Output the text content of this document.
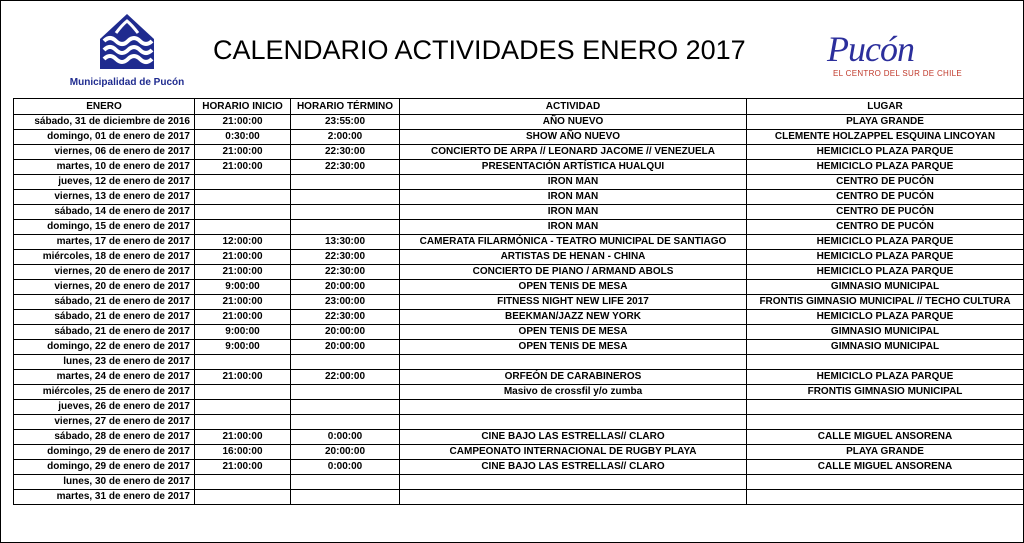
Municipalidad de Pucón
CALENDARIO ACTIVIDADES ENERO 2017	Pucón
EL CENTRO DEL SUR DE CHILE
ENERO	HORARIO INICIO	HORARIO TÉRMINO	ACTIVIDAD	LUGAR
sábado, 31 de diciembre de 2016	21:00:00	23:55:00	AÑO NUEVO	PLAYA GRANDE
domingo, 01 de enero de 2017	0:30:00	2:00:00	SHOW AÑO NUEVO	CLEMENTE HOLZAPPEL ESQUINA LINCOYAN
viernes, 06 de enero de 2017	21:00:00	22:30:00	CONCIERTO DE ARPA // LEONARD JACOME // VENEZUELA	HEMICICLO PLAZA PARQUE
martes, 10 de enero de 2017	21:00:00	22:30:00	PRESENTACIÓN ARTÍSTICA HUALQUI	HEMICICLO PLAZA PARQUE
jueves, 12 de enero de 2017			IRON MAN	CENTRO DE PUCÓN
viernes, 13 de enero de 2017			IRON MAN	CENTRO DE PUCÓN
sábado, 14 de enero de 2017			IRON MAN	CENTRO DE PUCÓN
domingo, 15 de enero de 2017			IRON MAN	CENTRO DE PUCÓN
martes, 17 de enero de 2017	12:00:00	13:30:00	CAMERATA FILARMÓNICA - TEATRO MUNICIPAL DE SANTIAGO	HEMICICLO PLAZA PARQUE
miércoles, 18 de enero de 2017	21:00:00	22:30:00	ARTISTAS DE HENAN - CHINA	HEMICICLO PLAZA PARQUE
viernes, 20 de enero de 2017	21:00:00	22:30:00	CONCIERTO DE PIANO / ARMAND ABOLS	HEMICICLO PLAZA PARQUE
viernes, 20 de enero de 2017	9:00:00	20:00:00	OPEN TENIS DE MESA	GIMNASIO MUNICIPAL
sábado, 21 de enero de 2017	21:00:00	23:00:00	FITNESS NIGHT NEW LIFE 2017	FRONTIS GIMNASIO MUNICIPAL // TECHO CULTURA
sábado, 21 de enero de 2017	21:00:00	22:30:00	BEEKMAN/JAZZ NEW YORK	HEMICICLO PLAZA PARQUE
sábado, 21 de enero de 2017	9:00:00	20:00:00	OPEN TENIS DE MESA	GIMNASIO MUNICIPAL
domingo, 22 de enero de 2017	9:00:00	20:00:00	OPEN TENIS DE MESA	GIMNASIO MUNICIPAL
lunes, 23 de enero de 2017				
martes, 24 de enero de 2017	21:00:00	22:00:00	ORFEÓN DE CARABINEROS	HEMICICLO PLAZA PARQUE
miércoles, 25 de enero de 2017			Masivo de crossfil y/o zumba	FRONTIS GIMNASIO MUNICIPAL
jueves, 26 de enero de 2017				
viernes, 27 de enero de 2017				
sábado, 28 de enero de 2017	21:00:00	0:00:00	CINE BAJO LAS ESTRELLAS// CLARO	CALLE MIGUEL ANSORENA
domingo, 29 de enero de 2017	16:00:00	20:00:00	CAMPEONATO INTERNACIONAL DE RUGBY PLAYA	PLAYA GRANDE
domingo, 29 de enero de 2017	21:00:00	0:00:00	CINE BAJO LAS ESTRELLAS// CLARO	CALLE MIGUEL ANSORENA
lunes, 30 de enero de 2017				
martes, 31 de enero de 2017				
